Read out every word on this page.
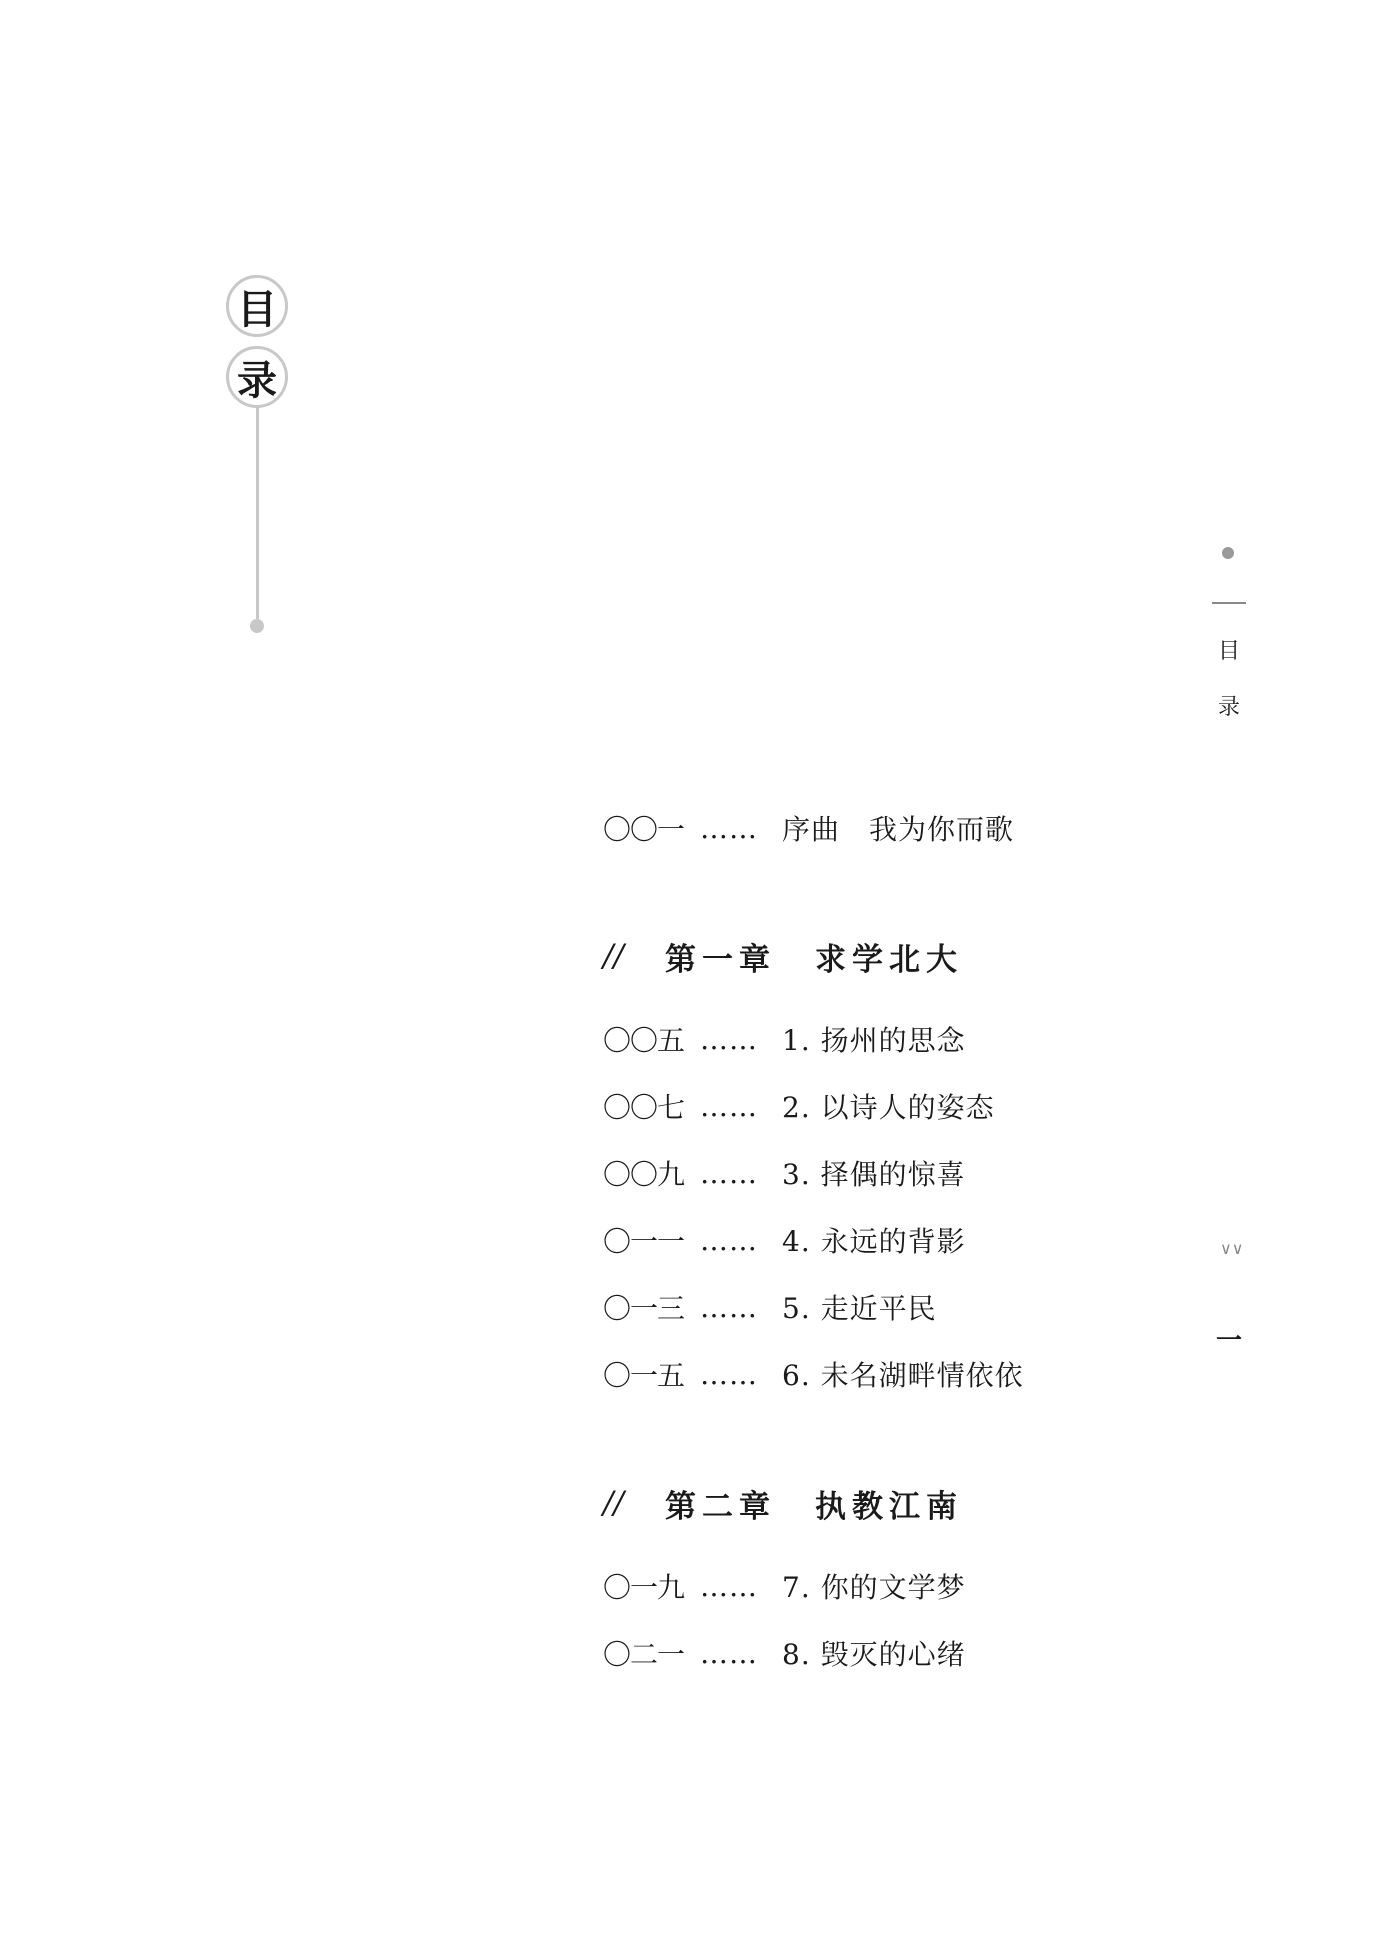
目
录
目
录
∨∨
一
〇〇一 …… 序曲　我为你而歌
//	第一章	求学北大
〇〇五 …… 1. 扬州的思念
〇〇七 …… 2. 以诗人的姿态
〇〇九 …… 3. 择偶的惊喜
〇一一 …… 4. 永远的背影
〇一三 …… 5. 走近平民
〇一五 …… 6. 未名湖畔情依依
//	第二章	执教江南
〇一九 …… 7. 你的文学梦
〇二一 …… 8. 毁灭的心绪
